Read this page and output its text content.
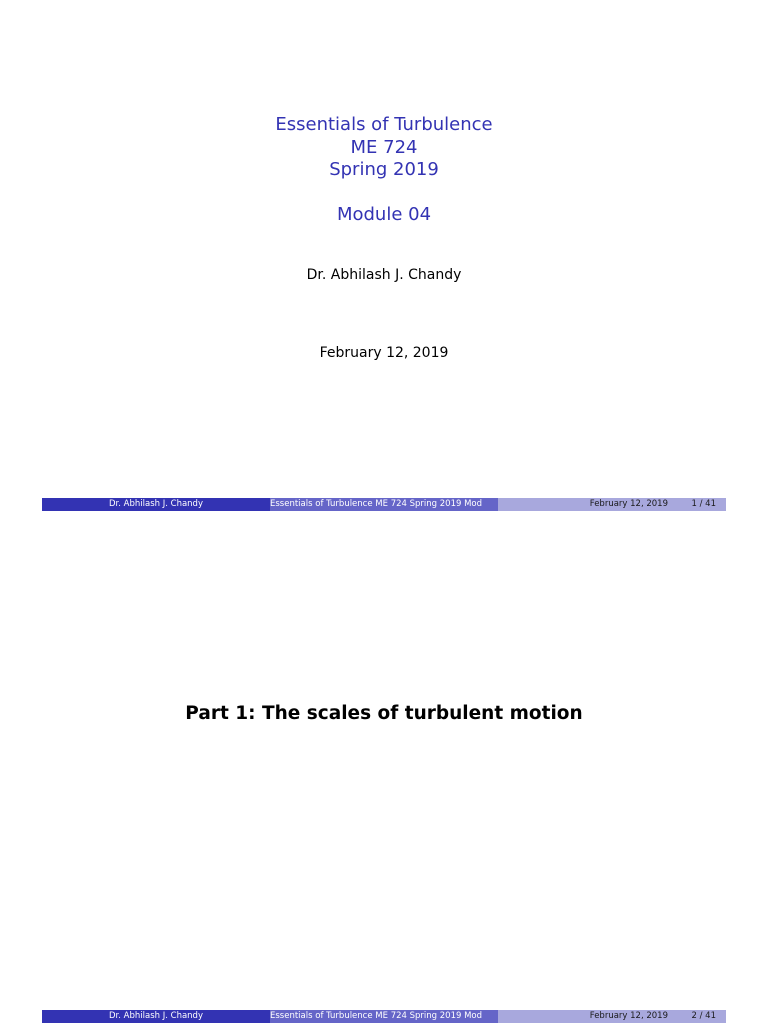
Essentials of Turbulence
ME 724
Spring 2019
Module 04
Dr. Abhilash J. Chandy
February 12, 2019
Dr. Abhilash J. Chandy	Essentials of Turbulence ME 724 Spring 2019 Mod	February 12, 2019	1 / 41
Part 1: The scales of turbulent motion
Dr. Abhilash J. Chandy	Essentials of Turbulence ME 724 Spring 2019 Mod	February 12, 2019	2 / 41
